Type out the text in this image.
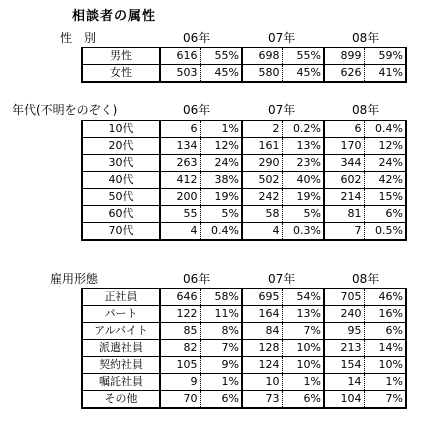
相談者の属性
性　別	06年	07年	08年
男性	616	55%	698	55%	899	59%
女性	503	45%	580	45%	626	41%
年代(不明をのぞく)	06年	07年	08年
10代	6	1%	2	0.2%	6	0.4%
20代	134	12%	161	13%	170	12%
30代	263	24%	290	23%	344	24%
40代	412	38%	502	40%	602	42%
50代	200	19%	242	19%	214	15%
60代	55	5%	58	5%	81	6%
70代	4	0.4%	4	0.3%	7	0.5%
雇用形態	06年	07年	08年
正社員	646	58%	695	54%	705	46%
パート	122	11%	164	13%	240	16%
アルバイト	85	8%	84	7%	95	6%
派遣社員	82	7%	128	10%	213	14%
契約社員	105	9%	124	10%	154	10%
嘱託社員	9	1%	10	1%	14	1%
その他	70	6%	73	6%	104	7%
